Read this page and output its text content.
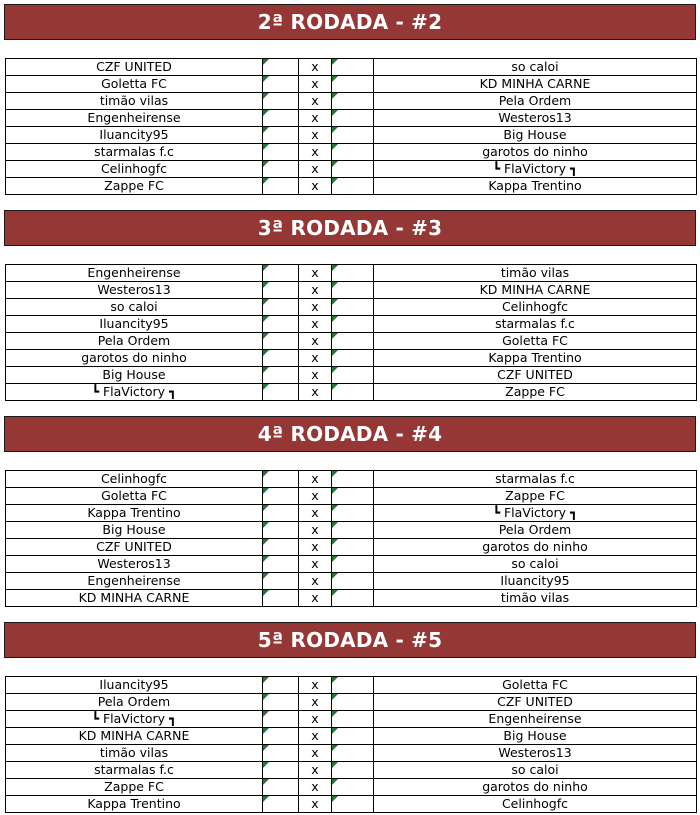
2ª RODADA - #2
CZF UNITED		x		so caloi
Goletta FC		x		KD MINHA CARNE
timão vilas		x		Pela Ordem
Engenheirense		x		Westeros13
Iluancity95		x		Big House
starmalas f.c		x		garotos do ninho
Celinhogfc		x		┗ FlaVictory ┓
Zappe FC		x		Kappa Trentino
3ª RODADA - #3
Engenheirense		x		timão vilas
Westeros13		x		KD MINHA CARNE
so caloi		x		Celinhogfc
Iluancity95		x		starmalas f.c
Pela Ordem		x		Goletta FC
garotos do ninho		x		Kappa Trentino
Big House		x		CZF UNITED
┗ FlaVictory ┓		x		Zappe FC
4ª RODADA - #4
Celinhogfc		x		starmalas f.c
Goletta FC		x		Zappe FC
Kappa Trentino		x		┗ FlaVictory ┓
Big House		x		Pela Ordem
CZF UNITED		x		garotos do ninho
Westeros13		x		so caloi
Engenheirense		x		Iluancity95
KD MINHA CARNE		x		timão vilas
5ª RODADA - #5
Iluancity95		x		Goletta FC
Pela Ordem		x		CZF UNITED
┗ FlaVictory ┓		x		Engenheirense
KD MINHA CARNE		x		Big House
timão vilas		x		Westeros13
starmalas f.c		x		so caloi
Zappe FC		x		garotos do ninho
Kappa Trentino		x		Celinhogfc
